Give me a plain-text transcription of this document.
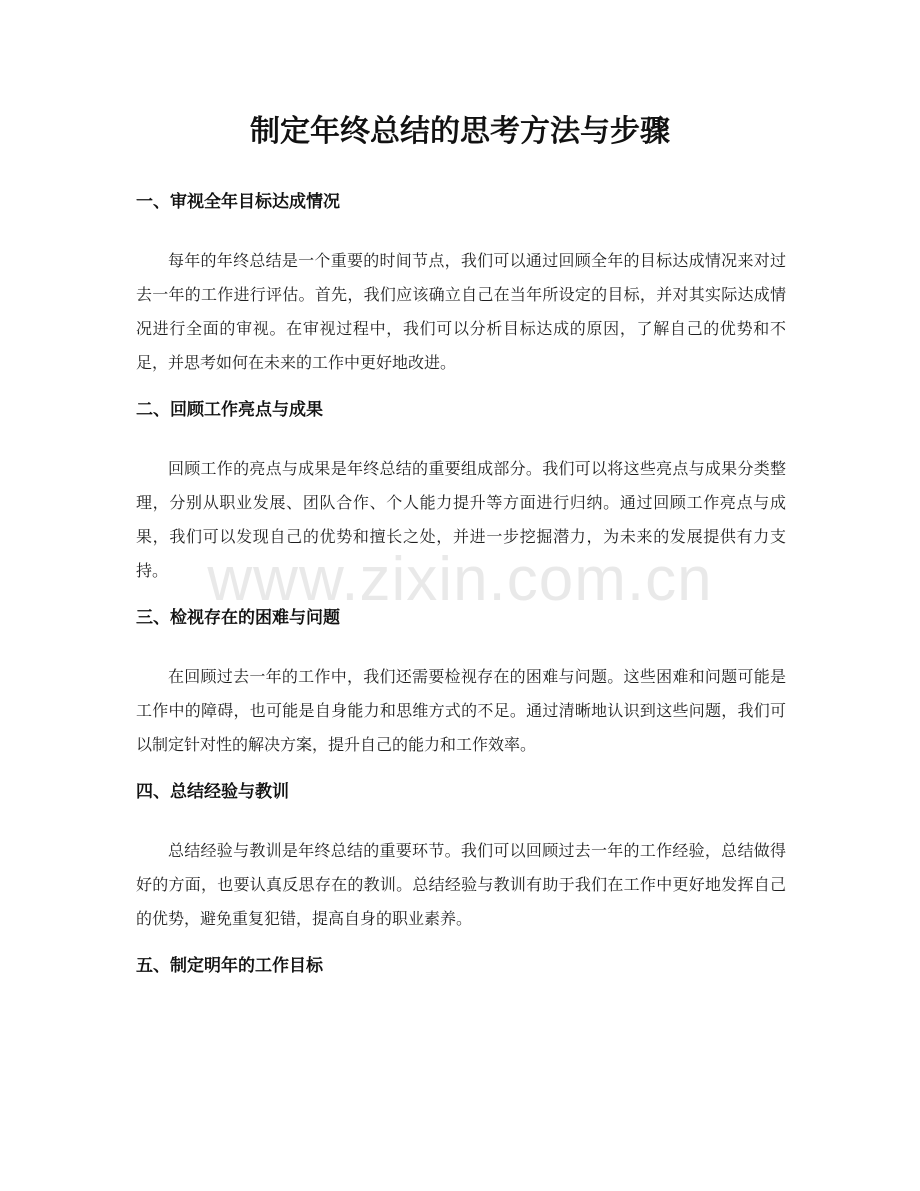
制定年终总结的思考方法与步骤
一、审视全年目标达成情况

每年的年终总结是一个重要的时间节点，我们可以通过回顾全年的目标达成情况来对过去一年的工作进行评估。首先，我们应该确立自己在当年所设定的目标，并对其实际达成情况进行全面的审视。在审视过程中，我们可以分析目标达成的原因，了解自己的优势和不足，并思考如何在未来的工作中更好地改进。

二、回顾工作亮点与成果

回顾工作的亮点与成果是年终总结的重要组成部分。我们可以将这些亮点与成果分类整理，分别从职业发展、团队合作、个人能力提升等方面进行归纳。通过回顾工作亮点与成果，我们可以发现自己的优势和擅长之处，并进一步挖掘潜力，为未来的发展提供有力支持。

三、检视存在的困难与问题

在回顾过去一年的工作中，我们还需要检视存在的困难与问题。这些困难和问题可能是工作中的障碍，也可能是自身能力和思维方式的不足。通过清晰地认识到这些问题，我们可以制定针对性的解决方案，提升自己的能力和工作效率。

四、总结经验与教训

总结经验与教训是年终总结的重要环节。我们可以回顾过去一年的工作经验，总结做得好的方面，也要认真反思存在的教训。总结经验与教训有助于我们在工作中更好地发挥自己的优势，避免重复犯错，提高自身的职业素养。

五、制定明年的工作目标
www.zixin.com.cn
